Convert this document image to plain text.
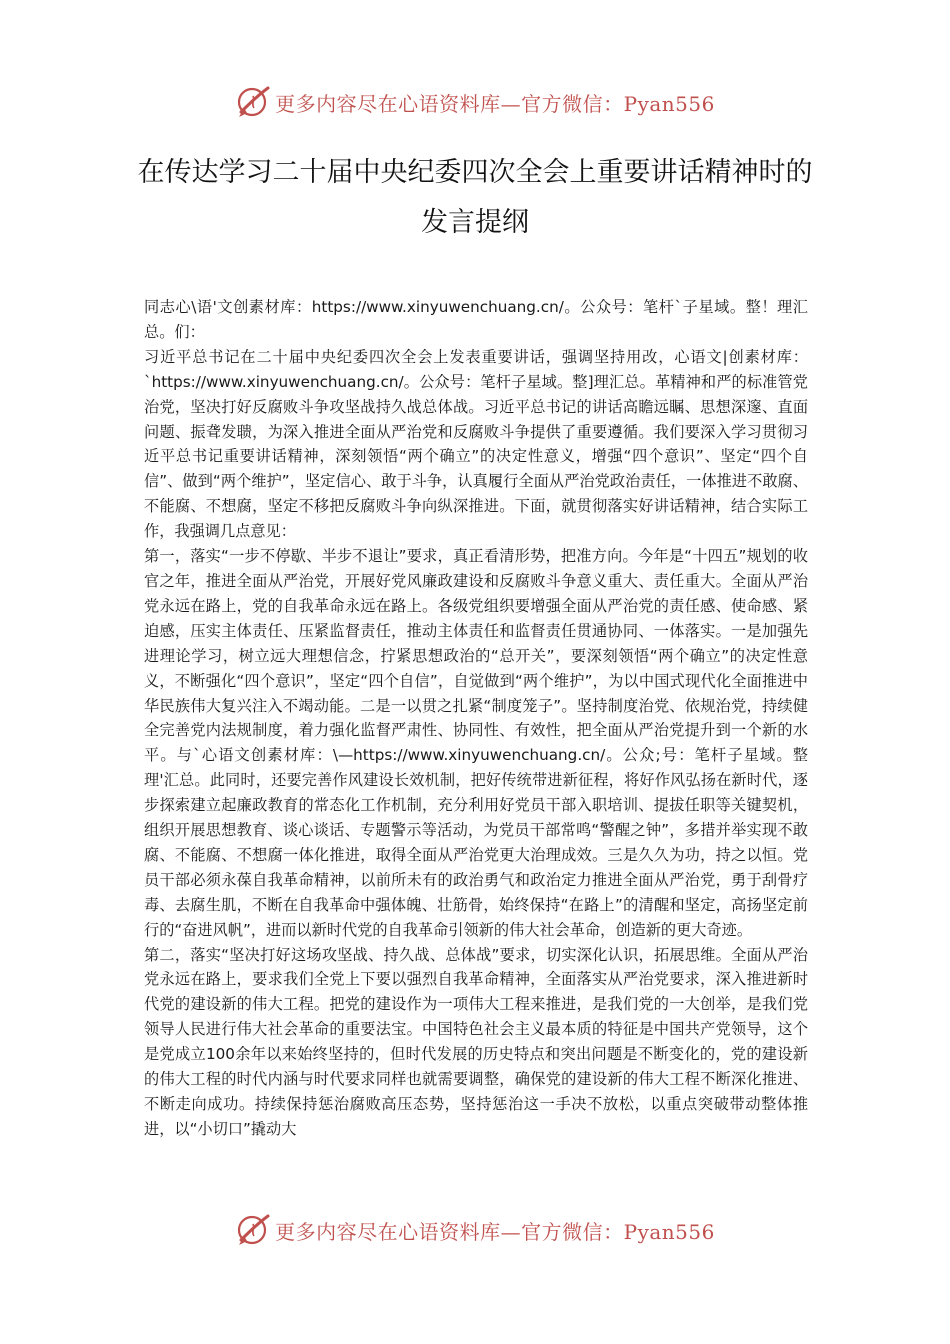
更多内容尽在心语资料库—官方微信：Pyan556
在传达学习二十届中央纪委四次全会上重要讲话精神时的发言提纲

同志心\语'文创素材库：https://www.xinyuwenchuang.cn/。公众号：笔杆`子星域。整！理汇总。们：

习近平总书记在二十届中央纪委四次全会上发表重要讲话，强调坚持用改，心语文|创素材库：`https://www.xinyuwenchuang.cn/。公众号：笔杆子星域。整]理汇总。革精神和严的标准管党治党，坚决打好反腐败斗争攻坚战持久战总体战。习近平总书记的讲话高瞻远瞩、思想深邃、直面问题、振聋发聩，为深入推进全面从严治党和反腐败斗争提供了重要遵循。我们要深入学习贯彻习近平总书记重要讲话精神，深刻领悟“两个确立”的决定性意义，增强“四个意识”、坚定“四个自信”、做到“两个维护”，坚定信心、敢于斗争，认真履行全面从严治党政治责任，一体推进不敢腐、不能腐、不想腐，坚定不移把反腐败斗争向纵深推进。下面，就贯彻落实好讲话精神，结合实际工作，我强调几点意见：

第一，落实“一步不停歇、半步不退让”要求，真正看清形势，把准方向。今年是“十四五”规划的收官之年，推进全面从严治党，开展好党风廉政建设和反腐败斗争意义重大、责任重大。全面从严治党永远在路上，党的自我革命永远在路上。各级党组织要增强全面从严治党的责任感、使命感、紧迫感，压实主体责任、压紧监督责任，推动主体责任和监督责任贯通协同、一体落实。一是加强先进理论学习，树立远大理想信念，拧紧思想政治的“总开关”，要深刻领悟“两个确立”的决定性意义，不断强化“四个意识”，坚定“四个自信”，自觉做到“两个维护”，为以中国式现代化全面推进中华民族伟大复兴注入不竭动能。二是一以贯之扎紧“制度笼子”。坚持制度治党、依规治党，持续健全完善党内法规制度，着力强化监督严肃性、协同性、有效性，把全面从严治党提升到一个新的水平。与`心语文创素材库：\—https://www.xinyuwenchuang.cn/。公众;号：笔杆子星域。整理'汇总。此同时，还要完善作风建设长效机制，把好传统带进新征程，将好作风弘扬在新时代，逐步探索建立起廉政教育的常态化工作机制，充分利用好党员干部入职培训、提拔任职等关键契机，组织开展思想教育、谈心谈话、专题警示等活动，为党员干部常鸣“警醒之钟”，多措并举实现不敢腐、不能腐、不想腐一体化推进，取得全面从严治党更大治理成效。三是久久为功，持之以恒。党员干部必须永葆自我革命精神，以前所未有的政治勇气和政治定力推进全面从严治党，勇于刮骨疗毒、去腐生肌，不断在自我革命中强体魄、壮筋骨，始终保持“在路上”的清醒和坚定，高扬坚定前行的“奋进风帆”，进而以新时代党的自我革命引领新的伟大社会革命，创造新的更大奇迹。

第二，落实“坚决打好这场攻坚战、持久战、总体战”要求，切实深化认识，拓展思维。全面从严治党永远在路上，要求我们全党上下要以强烈自我革命精神，全面落实从严治党要求，深入推进新时代党的建设新的伟大工程。把党的建设作为一项伟大工程来推进，是我们党的一大创举，是我们党领导人民进行伟大社会革命的重要法宝。中国特色社会主义最本质的特征是中国共产党领导，这个是党成立100余年以来始终坚持的，但时代发展的历史特点和突出问题是不断变化的，党的建设新的伟大工程的时代内涵与时代要求同样也就需要调整，确保党的建设新的伟大工程不断深化推进、不断走向成功。持续保持惩治腐败高压态势，坚持惩治这一手决不放松，以重点突破带动整体推进，以“小切口”撬动大

更多内容尽在心语资料库—官方微信：Pyan556
